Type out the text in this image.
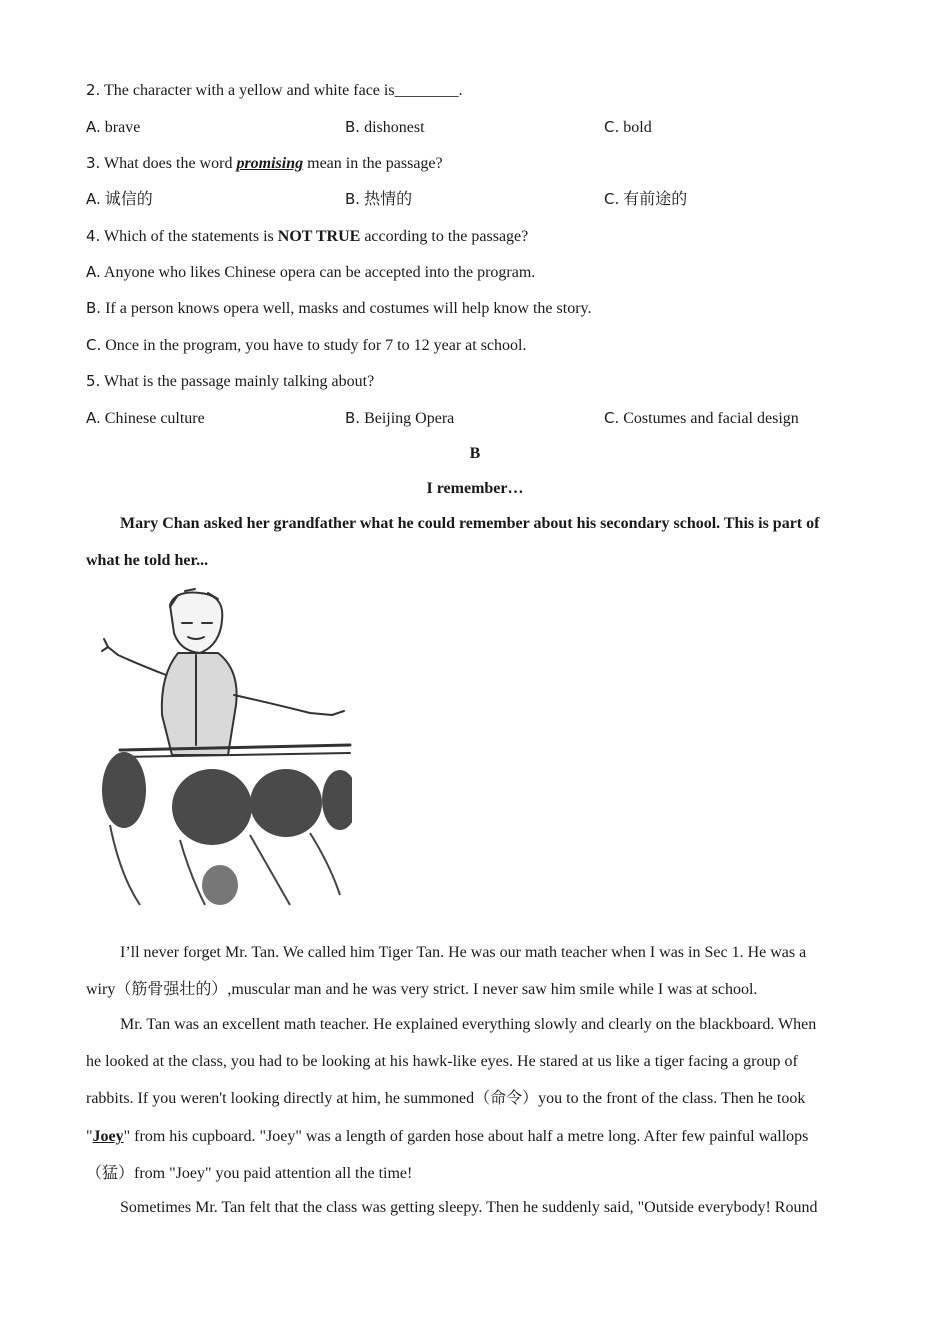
2. The character with a yellow and white face is________.
A. brave	B. dishonest	C. bold
3. What does the word promising mean in the passage?
A. 诚信的	B. 热情的	C. 有前途的
4. Which of the statements is NOT TRUE according to the passage?
A. Anyone who likes Chinese opera can be accepted into the program.
B. If a person knows opera well, masks and costumes will help know the story.
C. Once in the program, you have to study for 7 to 12 year at school.
5. What is the passage mainly talking about?
A. Chinese culture	B. Beijing Opera	C. Costumes and facial design
B
I remember…
Mary Chan asked her grandfather what he could remember about his secondary school. This is part of
what he told her...
I’ll never forget Mr. Tan. We called him Tiger Tan. He was our math teacher when I was in Sec 1. He was a
wiry（筋骨强壮的）,muscular man and he was very strict. I never saw him smile while I was at school.
Mr. Tan was an excellent math teacher. He explained everything slowly and clearly on the blackboard. When
he looked at the class, you had to be looking at his hawk-like eyes. He stared at us like a tiger facing a group of
rabbits. If you weren't looking directly at him, he summoned（命令）you to the front of the class. Then he took
"Joey" from his cupboard. "Joey" was a length of garden hose about half a metre long. After few painful wallops
（猛）from "Joey" you paid attention all the time!
Sometimes Mr. Tan felt that the class was getting sleepy. Then he suddenly said, "Outside everybody! Round
